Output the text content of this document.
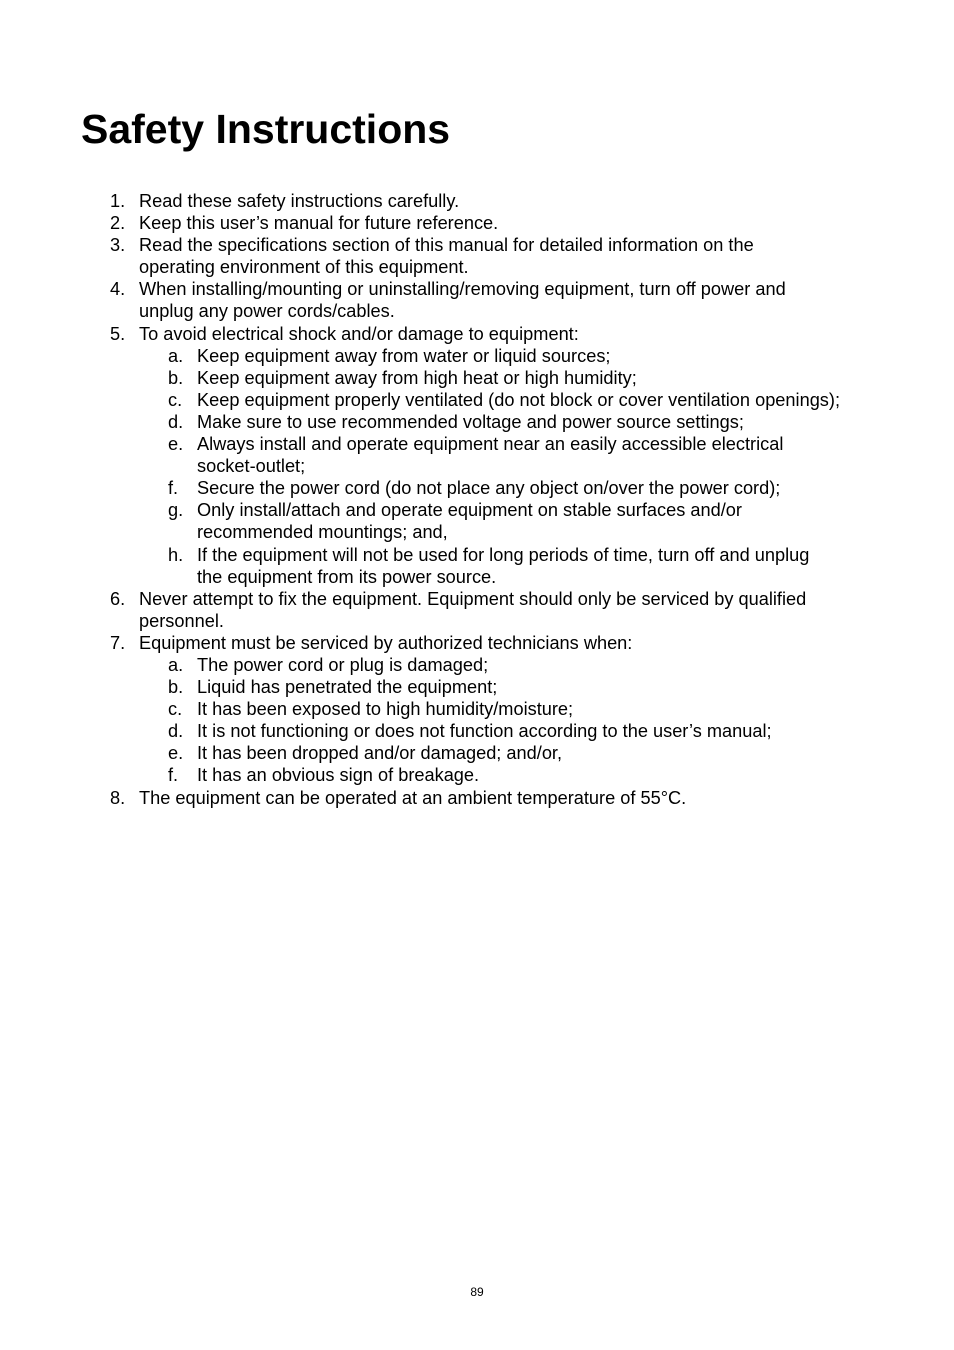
Safety Instructions
1. Read these safety instructions carefully.
2. Keep this user’s manual for future reference.
3. Read the specifications section of this manual for detailed information on the
operating environment of this equipment.
4. When installing/mounting or uninstalling/removing equipment, turn off power and
unplug any power cords/cables.
5. To avoid electrical shock and/or damage to equipment:
a. Keep equipment away from water or liquid sources;
b. Keep equipment away from high heat or high humidity;
c. Keep equipment properly ventilated (do not block or cover ventilation openings);
d. Make sure to use recommended voltage and power source settings;
e. Always install and operate equipment near an easily accessible electrical
socket-outlet;
f. Secure the power cord (do not place any object on/over the power cord);
g. Only install/attach and operate equipment on stable surfaces and/or
recommended mountings; and,
h. If the equipment will not be used for long periods of time, turn off and unplug
the equipment from its power source.
6. Never attempt to fix the equipment. Equipment should only be serviced by qualified
personnel.
7. Equipment must be serviced by authorized technicians when:
a. The power cord or plug is damaged;
b. Liquid has penetrated the equipment;
c. It has been exposed to high humidity/moisture;
d. It is not functioning or does not function according to the user’s manual;
e. It has been dropped and/or damaged; and/or,
f. It has an obvious sign of breakage.
8. The equipment can be operated at an ambient temperature of 55°C.
89
